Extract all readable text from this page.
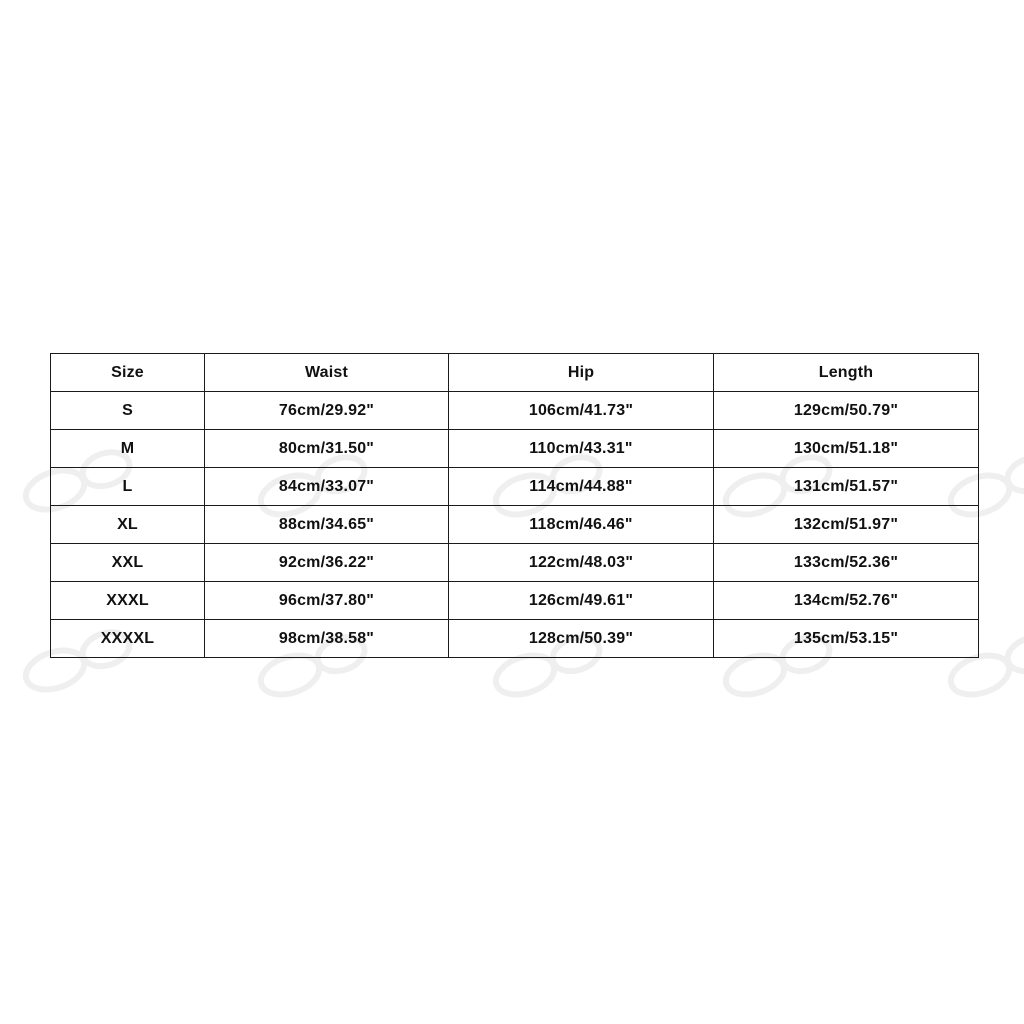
Size	Waist	Hip	Length
S	76cm/29.92"	106cm/41.73"	129cm/50.79"
M	80cm/31.50"	110cm/43.31"	130cm/51.18"
L	84cm/33.07"	114cm/44.88"	131cm/51.57"
XL	88cm/34.65"	118cm/46.46"	132cm/51.97"
XXL	92cm/36.22"	122cm/48.03"	133cm/52.36"
XXXL	96cm/37.80"	126cm/49.61"	134cm/52.76"
XXXXL	98cm/38.58"	128cm/50.39"	135cm/53.15"
